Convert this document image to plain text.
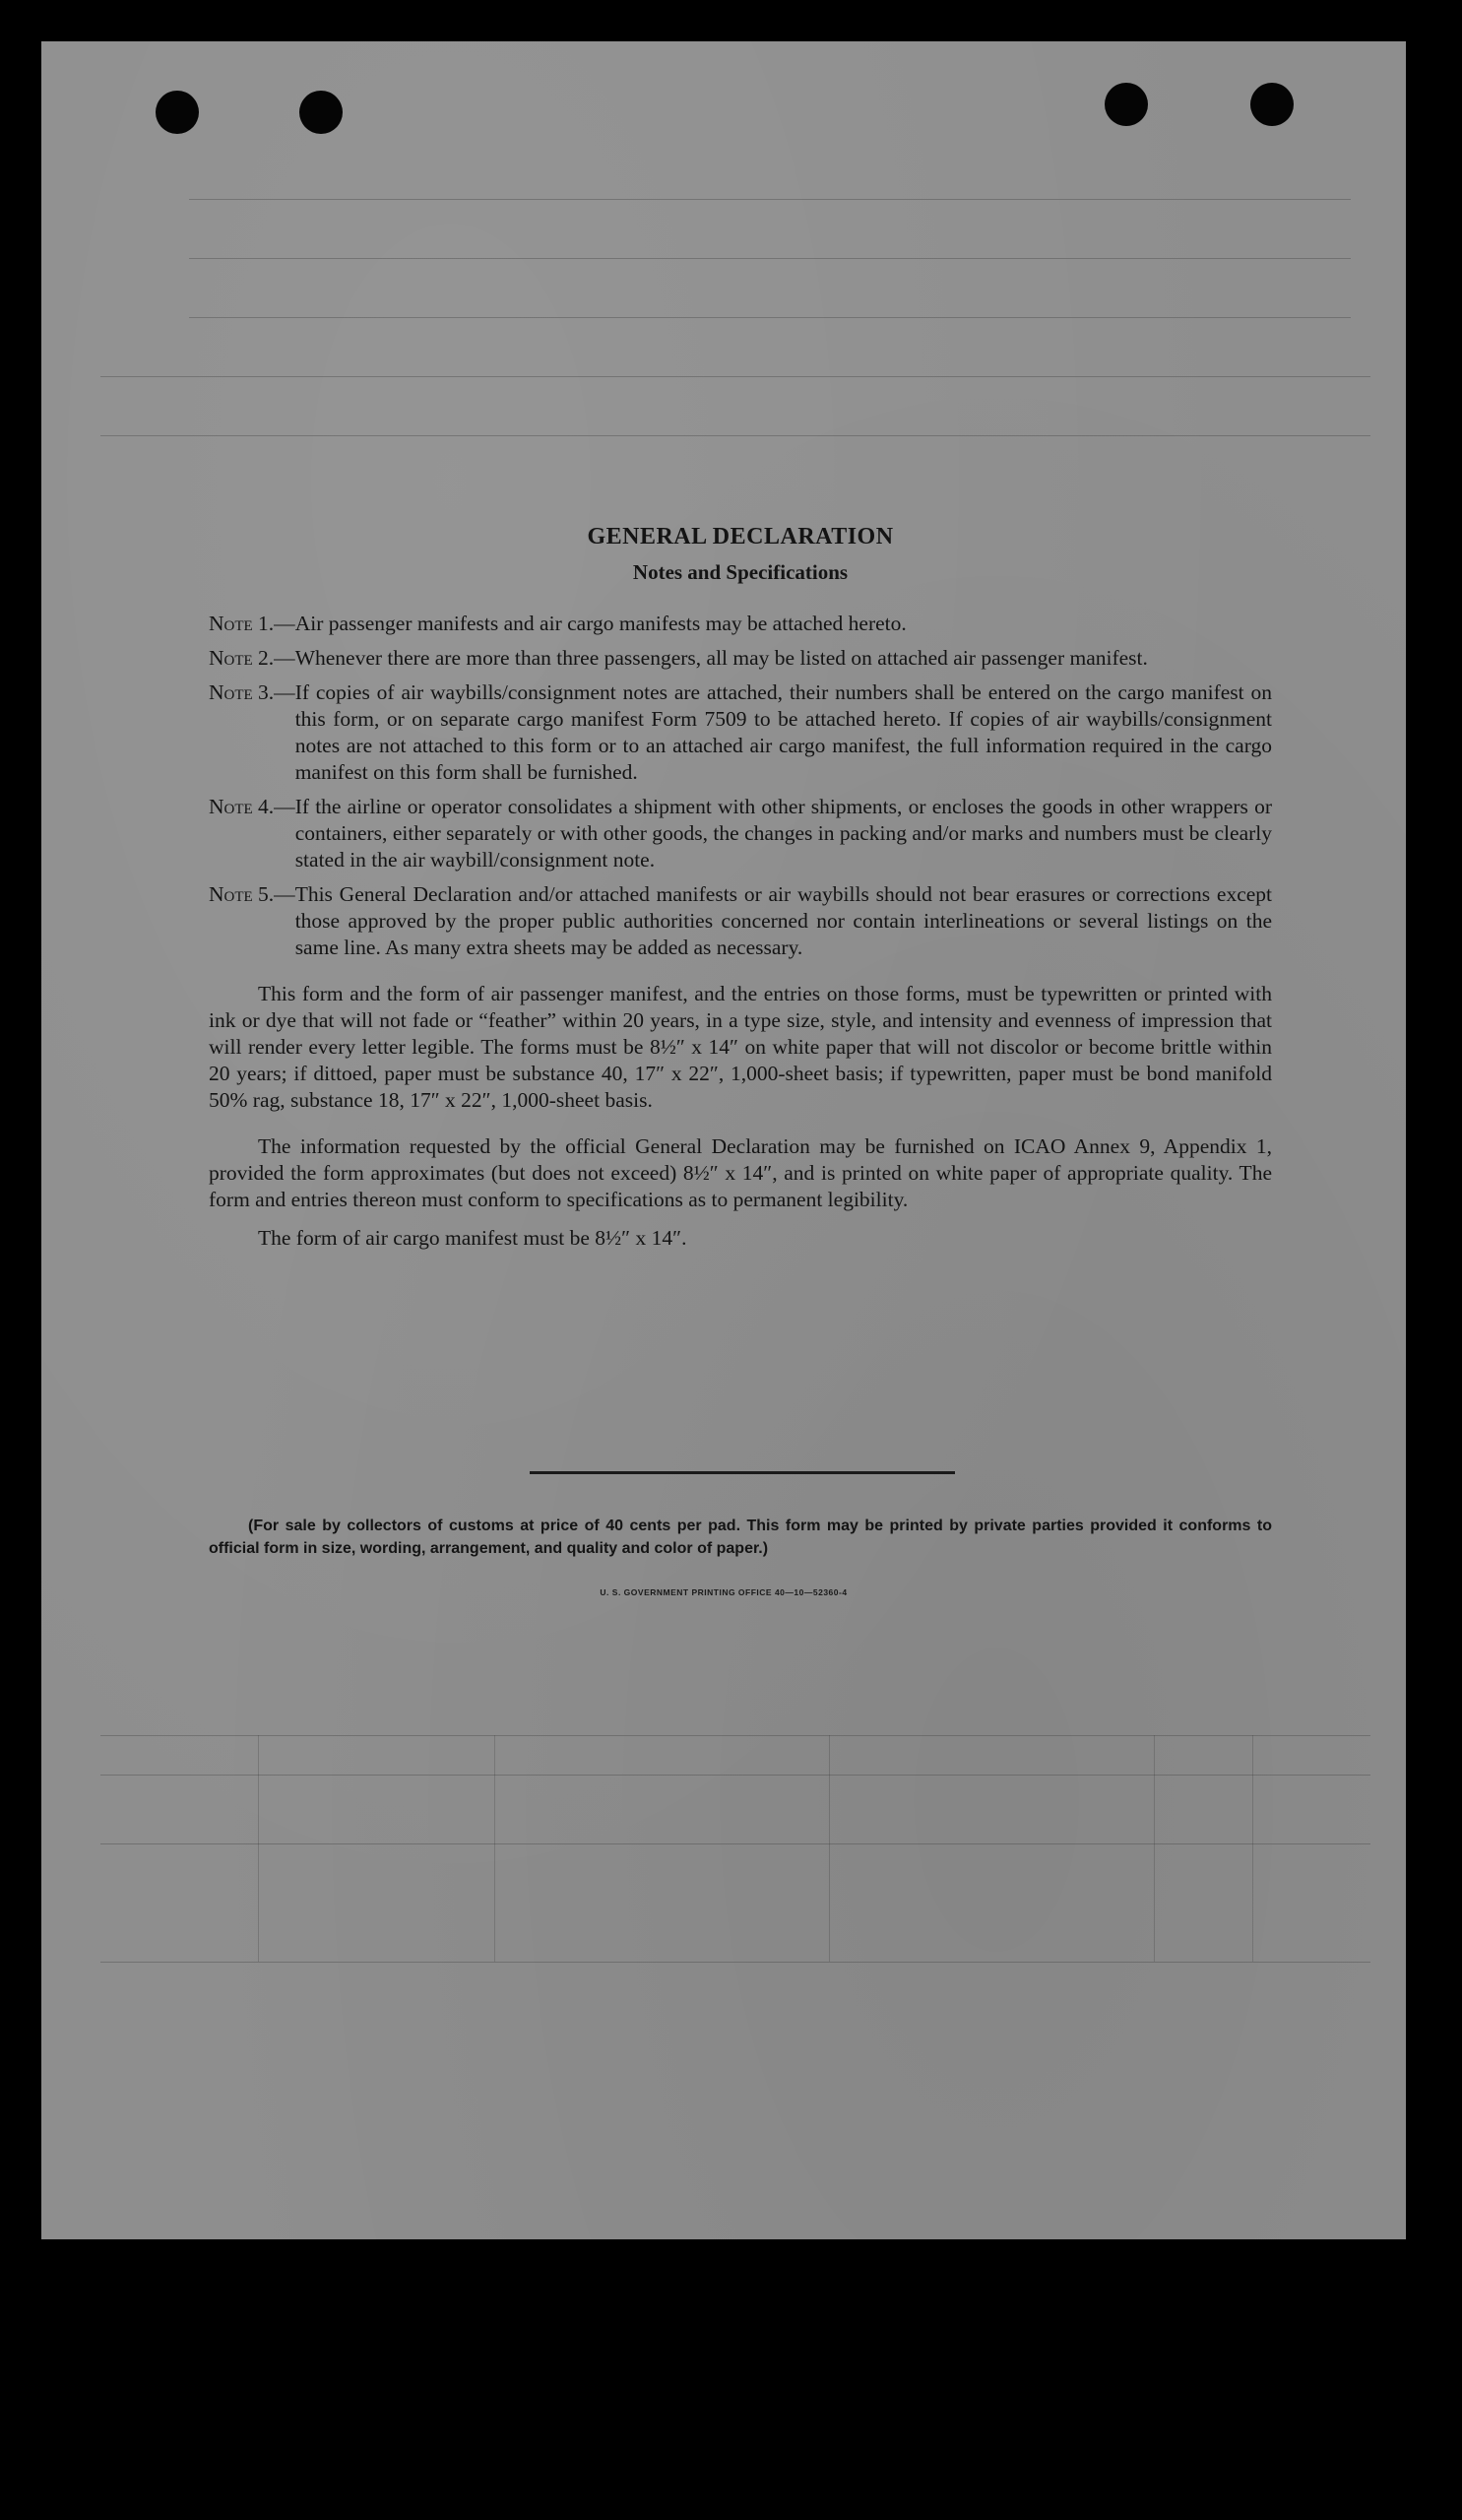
GENERAL DECLARATION
Notes and Specifications
Note 1.— Air passenger manifests and air cargo manifests may be attached hereto.
Note 2.— Whenever there are more than three passengers, all may be listed on attached air passenger manifest.
Note 3.— If copies of air waybills/consignment notes are attached, their numbers shall be entered on the cargo manifest on this form, or on separate cargo manifest Form 7509 to be attached hereto. If copies of air waybills/consignment notes are not attached to this form or to an attached air cargo manifest, the full information required in the cargo manifest on this form shall be furnished.
Note 4.— If the airline or operator consolidates a shipment with other shipments, or encloses the goods in other wrappers or containers, either separately or with other goods, the changes in packing and/or marks and numbers must be clearly stated in the air waybill/consignment note.
Note 5.— This General Declaration and/or attached manifests or air waybills should not bear erasures or corrections except those approved by the proper public authorities concerned nor contain interlineations or several listings on the same line. As many extra sheets may be added as necessary.

This form and the form of air passenger manifest, and the entries on those forms, must be typewritten or printed with ink or dye that will not fade or “feather” within 20 years, in a type size, style, and intensity and evenness of impression that will render every letter legible. The forms must be 8½″ x 14″ on white paper that will not discolor or become brittle within 20 years; if dittoed, paper must be substance 40, 17″ x 22″, 1,000-sheet basis; if typewritten, paper must be bond manifold 50% rag, substance 18, 17″ x 22″, 1,000-sheet basis.

The information requested by the official General Declaration may be furnished on ICAO Annex 9, Appendix 1, provided the form approximates (but does not exceed) 8½″ x 14″, and is printed on white paper of appropriate quality. The form and entries thereon must conform to specifications as to permanent legibility.

The form of air cargo manifest must be 8½″ x 14″.

(For sale by collectors of customs at price of 40 cents per pad. This form may be printed by private parties provided it conforms to official form in size, wording, arrangement, and quality and color of paper.)
U. S. GOVERNMENT PRINTING OFFICE 40—10—52360-4
